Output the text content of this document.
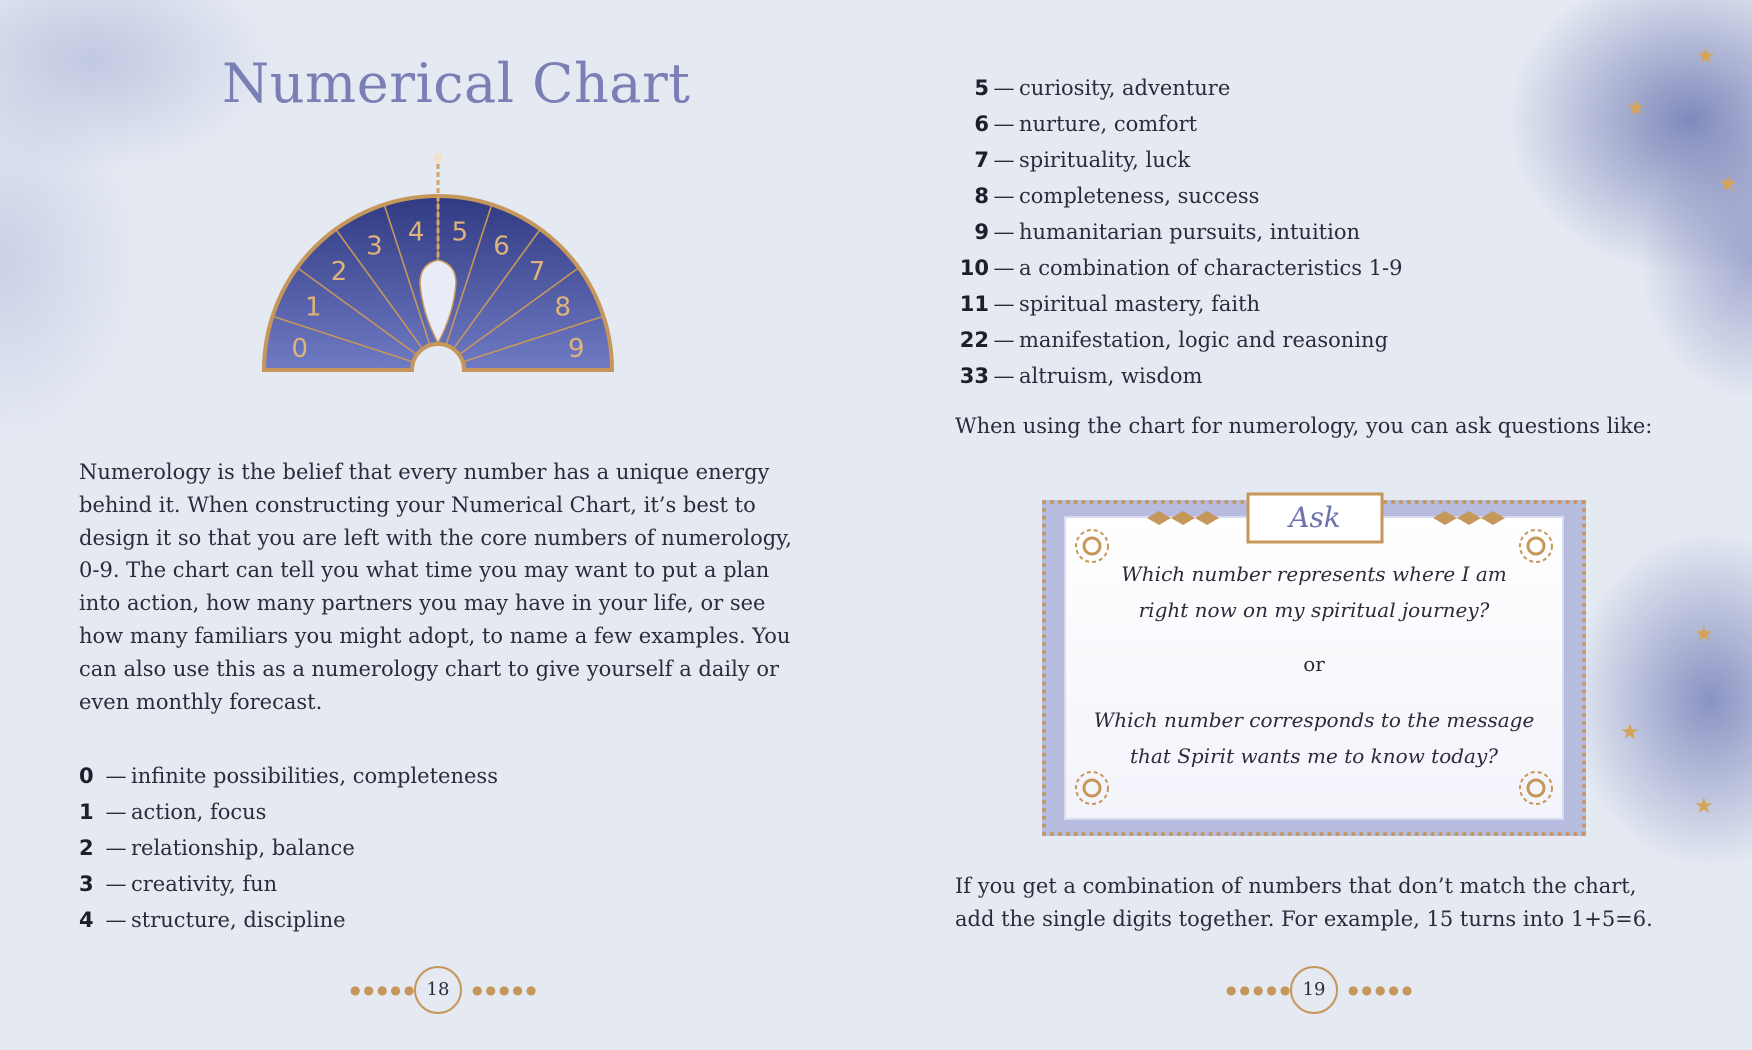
Numerical Chart
0
1
2
3 4 5 6
7
8
9

Numerology is the belief that every number has a unique energy behind it. When constructing your Numerical Chart, it’s best to design it so that you are left with the core numbers of numerology, 0-9. The chart can tell you what time you may want to put a plan into action, how many partners you may have in your life, or see how many familiars you might adopt, to name a few examples. You can also use this as a numerology chart to give yourself a daily or even monthly forecast.

0 — infinite possibilities, completeness
1 — action, focus
2 — relationship, balance
3 — creativity, fun
4 — structure, discipline
●●●●● 18	●●●●●
5 — curiosity, adventure
6 — nurture, comfort
7 — spirituality, luck
8 — completeness, success
9 — humanitarian pursuits, intuition
10 — a combination of characteristics 1-9
11 — spiritual mastery, faith
22 — manifestation, logic and reasoning
33 — altruism, wisdom

When using the chart for numerology, you can ask questions like:

Ask
Which number represents where I am
right now on my spiritual journey?
or
Which number corresponds to the message
that Spirit wants me to know today?
If you get a combination of numbers that don’t match the chart,
add the single digits together. For example, 15 turns into 1+5=6.
●●●●● 19	●●●●●
★
★
★
★
★
★
